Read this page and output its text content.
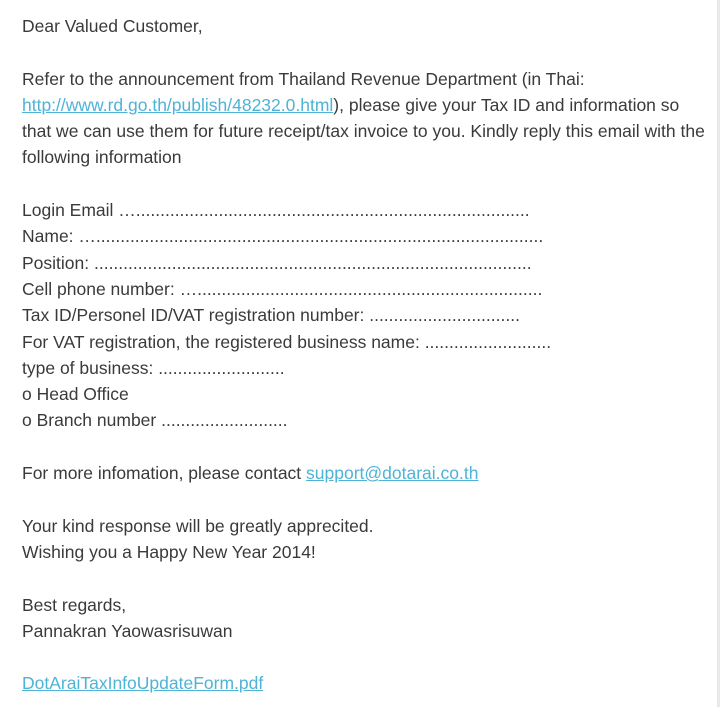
Dear Valued Customer,
Refer to the announcement from Thailand Revenue Department (in Thai: http://www.rd.go.th/publish/48232.0.html), please give your Tax ID and information so that we can use them for future receipt/tax invoice to you. Kindly reply this email with the following information
Login Email ….................................................................................
Name: …............................................................................................
Position: ..........................................................................................
Cell phone number: ….......................................................................
Tax ID/Personel ID/VAT registration number: ...............................
For VAT registration, the registered business name: ..........................
type of business: ..........................
o Head Office
o Branch number ..........................
For more infomation, please contact support@dotarai.co.th
Your kind response will be greatly apprecited.
Wishing you a Happy New Year 2014!
Best regards,
Pannakran Yaowasrisuwan
DotAraiTaxInfoUpdateForm.pdf
